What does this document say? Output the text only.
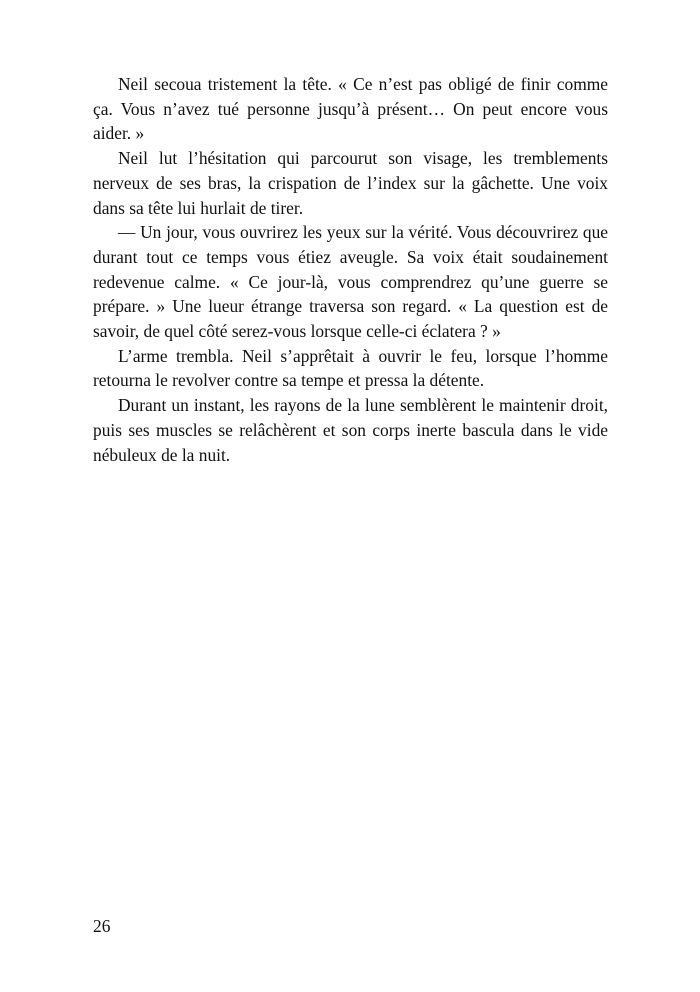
Neil secoua tristement la tête. « Ce n’est pas obligé de finir comme ça. Vous n’avez tué personne jusqu’à présent… On peut encore vous aider. »

Neil lut l’hésitation qui parcourut son visage, les tremblements nerveux de ses bras, la crispation de l’index sur la gâchette. Une voix dans sa tête lui hurlait de tirer.

— Un jour, vous ouvrirez les yeux sur la vérité. Vous découvrirez que durant tout ce temps vous étiez aveugle. Sa voix était soudainement redevenue calme. « Ce jour-là, vous comprendrez qu’une guerre se prépare. » Une lueur étrange traversa son regard. « La question est de savoir, de quel côté serez-vous lorsque celle-ci éclatera ? »

L’arme trembla. Neil s’apprêtait à ouvrir le feu, lorsque l’homme retourna le revolver contre sa tempe et pressa la détente.

Durant un instant, les rayons de la lune semblèrent le maintenir droit, puis ses muscles se relâchèrent et son corps inerte bascula dans le vide nébuleux de la nuit.

26
